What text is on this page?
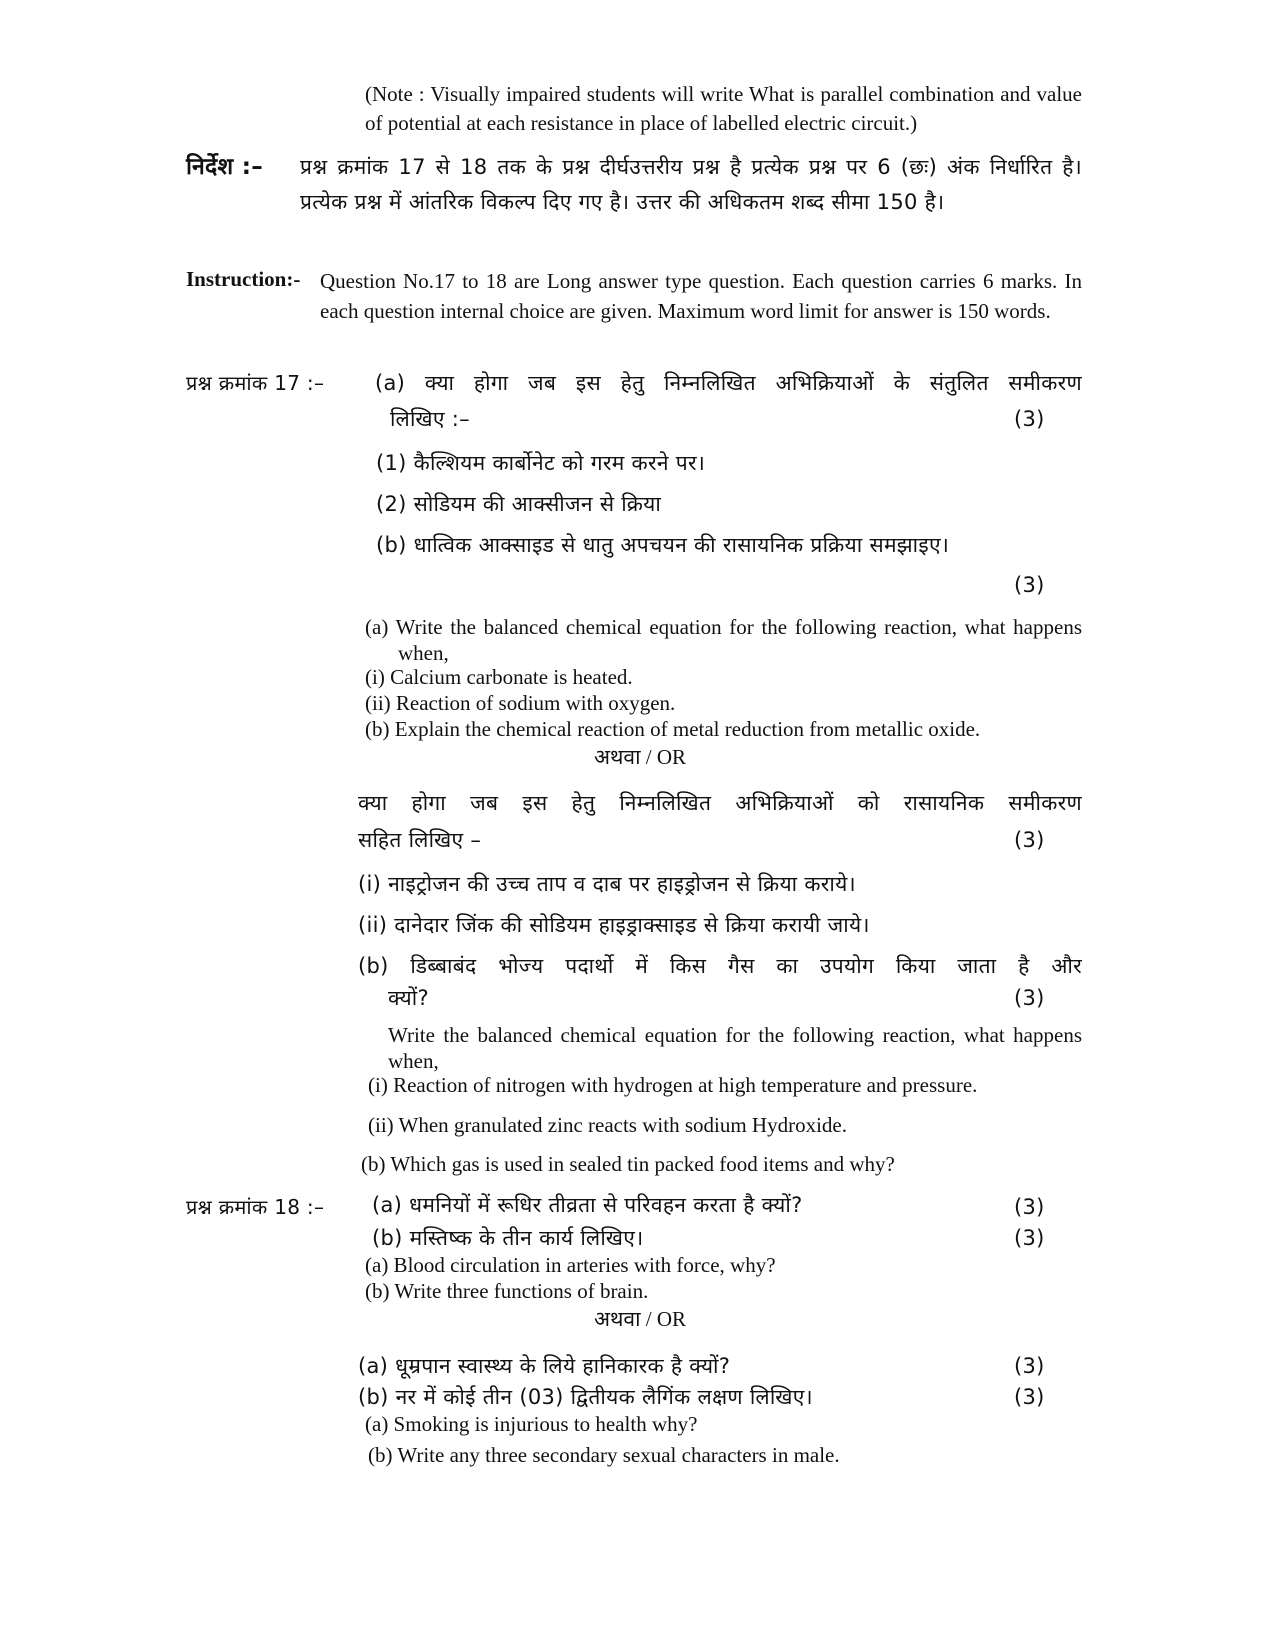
(Note : Visually impaired students will write What is parallel combination and value of potential at each resistance in place of labelled electric circuit.)
निर्देश :– प्रश्न क्रमांक 17 से 18 तक के प्रश्न दीर्घउत्तरीय प्रश्न है प्रत्येक प्रश्न पर 6 (छः) अंक निर्धारित है। प्रत्येक प्रश्न में आंतरिक विकल्प दिए गए है। उत्तर की अधिकतम शब्द सीमा 150 है।
Instruction:- Question No.17 to 18 are Long answer type question. Each question carries 6 marks. In each question internal choice are given. Maximum word limit for answer is 150 words.
प्रश्न क्रमांक 17 :– (a) क्या होगा जब इस हेतु निम्नलिखित अभिक्रियाओं के संतुलित समीकरण
लिखिए :–	(3)
(1) कैल्शियम कार्बोनेट को गरम करने पर।
(2) सोडियम की आक्सीजन से क्रिया
(b) धात्विक आक्साइड से धातु अपचयन की रासायनिक प्रक्रिया समझाइए।
(3)
(a) Write the balanced chemical equation for the following reaction, what happens when,
(i) Calcium carbonate is heated.
(ii) Reaction of sodium with oxygen.
(b) Explain the chemical reaction of metal reduction from metallic oxide.
अथवा / OR
क्या होगा जब इस हेतु निम्नलिखित अभिक्रियाओं को रासायनिक समीकरण
सहित लिखिए –	(3)
(i) नाइट्रोजन की उच्च ताप व दाब पर हाइड्रोजन से क्रिया कराये।
(ii) दानेदार जिंक की सोडियम हाइड्राक्साइड से क्रिया करायी जाये।
(b) डिब्बाबंद भोज्य पदार्थो में किस गैस का उपयोग किया जाता है और
क्यों?	(3)
Write the balanced chemical equation for the following reaction, what happens when,
(i) Reaction of nitrogen with hydrogen at high temperature and pressure.
(ii) When granulated zinc reacts with sodium Hydroxide.
(b) Which gas is used in sealed tin packed food items and why?
प्रश्न क्रमांक 18 :– (a) धमनियों में रूधिर तीव्रता से परिवहन करता है क्यों?	(3)
(b) मस्तिष्क के तीन कार्य लिखिए।	(3)
(a) Blood circulation in arteries with force, why?
(b) Write three functions of brain.
अथवा / OR
(a) धूम्रपान स्वास्थ्य के लिये हानिकारक है क्यों?	(3)
(b) नर में कोई तीन (03) द्वितीयक लैगिंक लक्षण लिखिए।	(3)
(a) Smoking is injurious to health why?
(b) Write any three secondary sexual characters in male.
